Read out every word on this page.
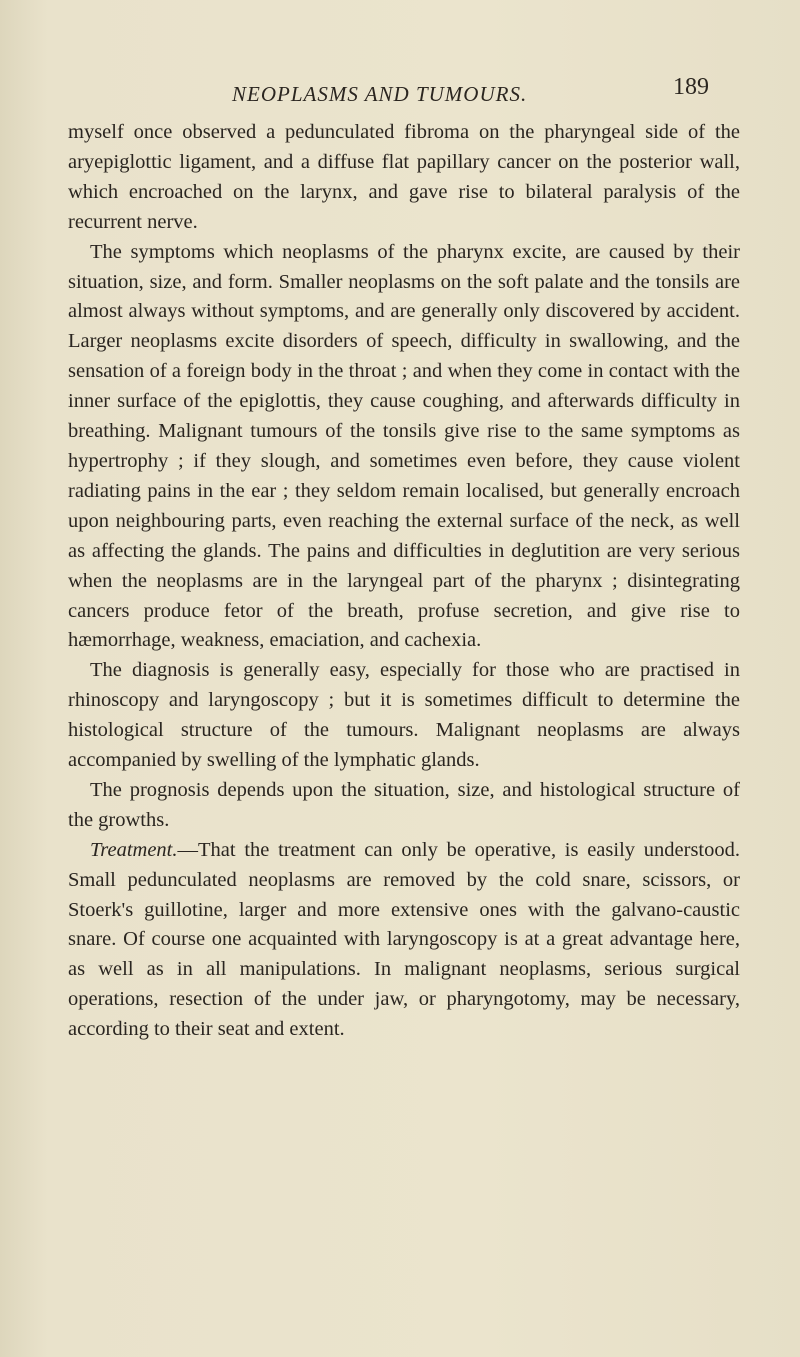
NEOPLASMS AND TUMOURS.	189

myself once observed a pedunculated fibroma on the pharyngeal side of the aryepiglottic ligament, and a diffuse flat papillary cancer on the posterior wall, which encroached on the larynx, and gave rise to bilateral paralysis of the recurrent nerve.

The symptoms which neoplasms of the pharynx excite, are caused by their situation, size, and form. Smaller neoplasms on the soft palate and the tonsils are almost always without symptoms, and are generally only discovered by accident. Larger neoplasms excite disorders of speech, difficulty in swallowing, and the sensation of a foreign body in the throat ; and when they come in contact with the inner surface of the epiglottis, they cause coughing, and afterwards difficulty in breathing. Malignant tumours of the tonsils give rise to the same symptoms as hypertrophy ; if they slough, and sometimes even before, they cause violent radiating pains in the ear ; they seldom remain localised, but generally encroach upon neighbouring parts, even reaching the external surface of the neck, as well as affecting the glands. The pains and difficulties in deglutition are very serious when the neoplasms are in the laryngeal part of the pharynx ; disintegrating cancers produce fetor of the breath, profuse secretion, and give rise to hæmorrhage, weakness, emaciation, and cachexia.

The diagnosis is generally easy, especially for those who are practised in rhinoscopy and laryngoscopy ; but it is sometimes difficult to determine the histological structure of the tumours. Malignant neoplasms are always accompanied by swelling of the lymphatic glands.

The prognosis depends upon the situation, size, and histological structure of the growths.

Treatment.—That the treatment can only be operative, is easily understood. Small pedunculated neoplasms are removed by the cold snare, scissors, or Stoerk's guillotine, larger and more extensive ones with the galvano-caustic snare. Of course one acquainted with laryngoscopy is at a great advantage here, as well as in all manipulations. In malignant neoplasms, serious surgical operations, resection of the under jaw, or pharyngotomy, may be necessary, according to their seat and extent.
